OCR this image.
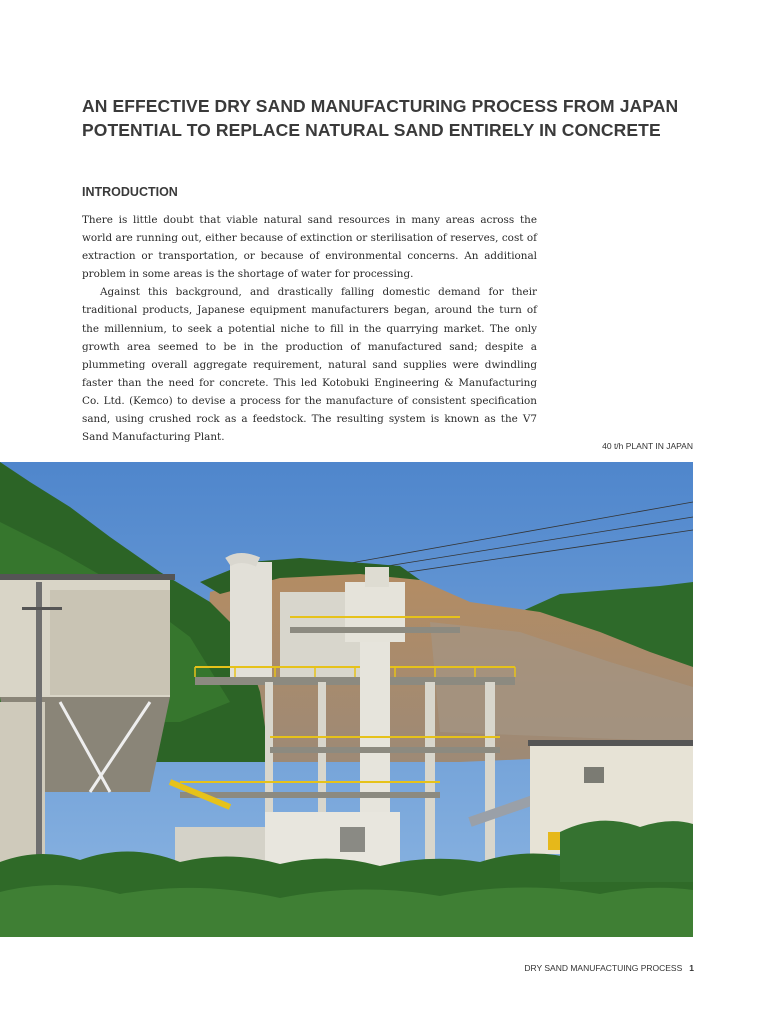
AN EFFECTIVE DRY SAND MANUFACTURING PROCESS FROM JAPAN
POTENTIAL TO REPLACE NATURAL SAND ENTIRELY IN CONCRETE
INTRODUCTION

There is little doubt that viable natural sand resources in many areas across the world are running out, either because of extinction or sterilisation of reserves, cost of extraction or transportation, or because of environmental concerns. An additional problem in some areas is the shortage of water for processing.

Against this background, and drastically falling domestic demand for their traditional products, Japanese equipment manufacturers began, around the turn of the millennium, to seek a potential niche to fill in the quarrying market. The only growth area seemed to be in the production of manufactured sand; despite a plummeting overall aggregate requirement, natural sand supplies were dwindling faster than the need for concrete. This led Kotobuki Engineering & Manufacturing Co. Ltd. (Kemco) to devise a process for the manufacture of consistent specification sand, using crushed rock as a feedstock. The resulting system is known as the V7 Sand Manufacturing Plant.

40 t/h PLANT IN JAPAN
DRY SAND MANUFACTUING PROCESS 1
